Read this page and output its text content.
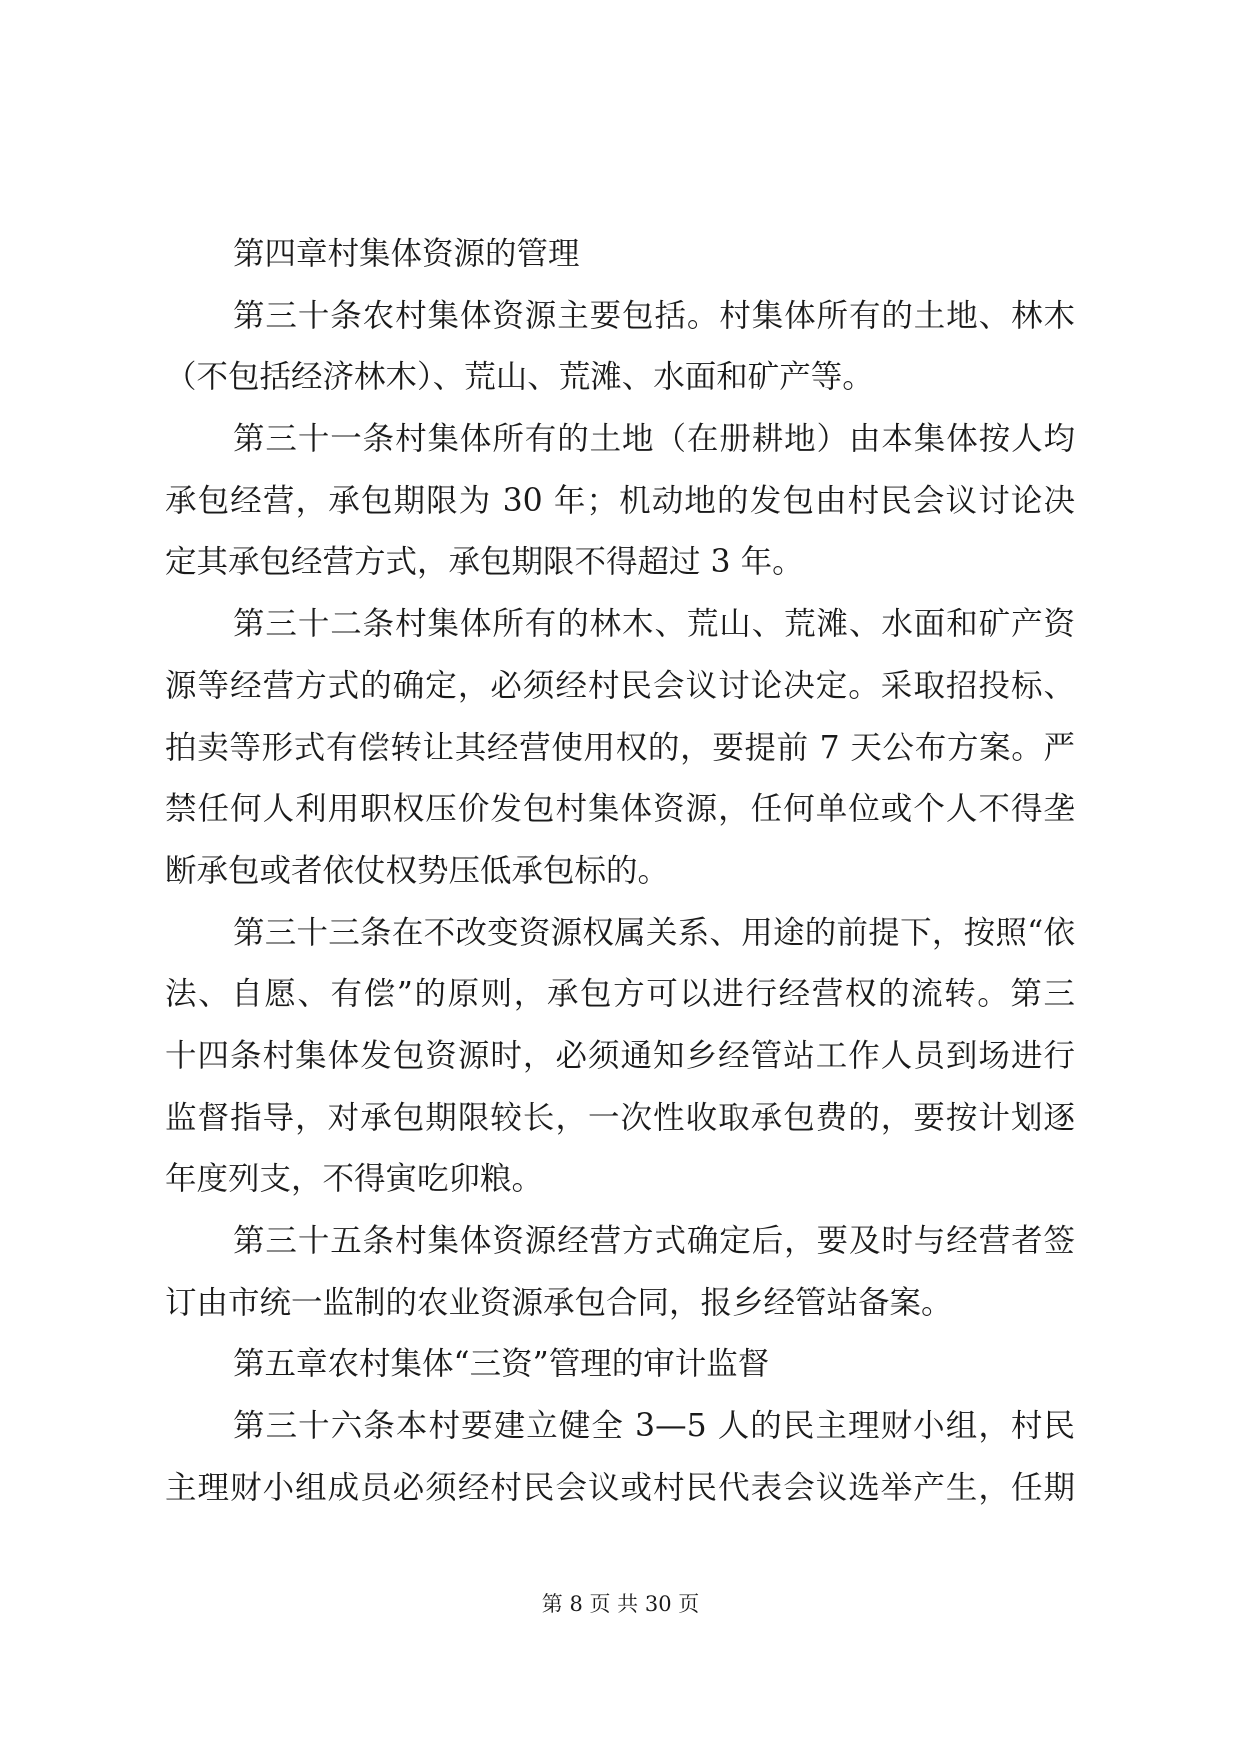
第四章村集体资源的管理
第三十条农村集体资源主要包括。村集体所有的土地、林木
（不包括经济林木）、荒山、荒滩、水面和矿产等。
第三十一条村集体所有的土地（在册耕地）由本集体按人均
承包经营，承包期限为 30 年；机动地的发包由村民会议讨论决
定其承包经营方式，承包期限不得超过 3 年。
第三十二条村集体所有的林木、荒山、荒滩、水面和矿产资
源等经营方式的确定，必须经村民会议讨论决定。采取招投标、
拍卖等形式有偿转让其经营使用权的，要提前 7 天公布方案。严
禁任何人利用职权压价发包村集体资源，任何单位或个人不得垄
断承包或者依仗权势压低承包标的。
第三十三条在不改变资源权属关系、用途的前提下，按照“依
法、自愿、有偿”的原则，承包方可以进行经营权的流转。第三
十四条村集体发包资源时，必须通知乡经管站工作人员到场进行
监督指导，对承包期限较长，一次性收取承包费的，要按计划逐
年度列支，不得寅吃卯粮。
第三十五条村集体资源经营方式确定后，要及时与经营者签
订由市统一监制的农业资源承包合同，报乡经管站备案。
第五章农村集体“三资”管理的审计监督
第三十六条本村要建立健全 3—5 人的民主理财小组，村民
主理财小组成员必须经村民会议或村民代表会议选举产生，任期
第 8 页 共 30 页
